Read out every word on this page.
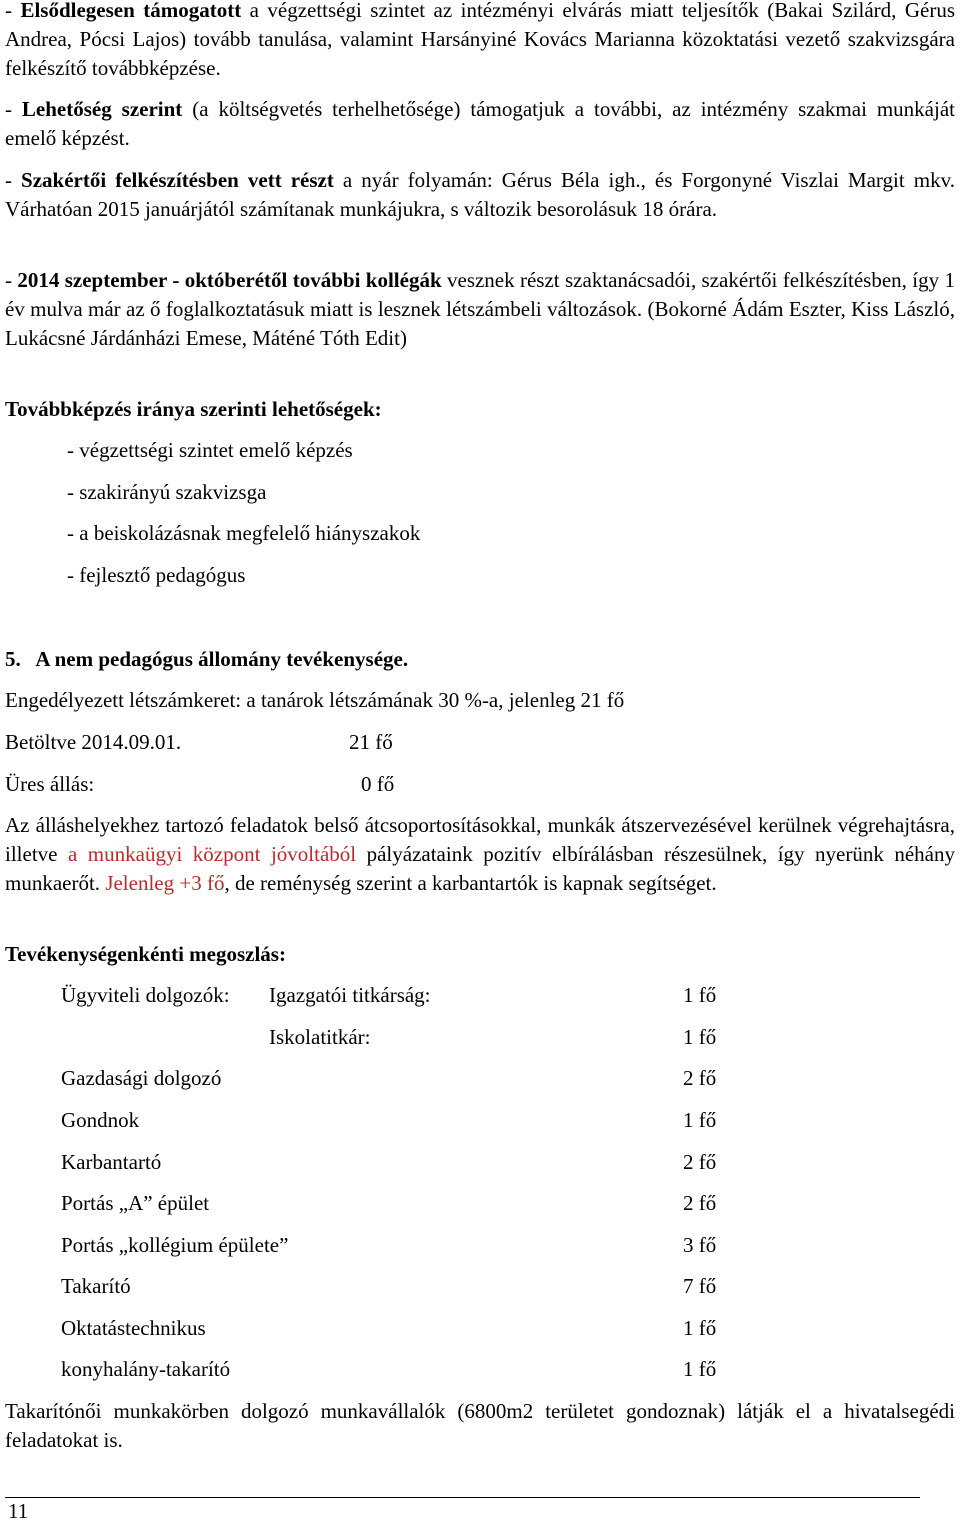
- Elsődlegesen támogatott a végzettségi szintet az intézményi elvárás miatt teljesítők (Bakai Szilárd, Gérus Andrea, Pócsi Lajos) tovább tanulása, valamint Harsányiné Kovács Marianna közoktatási vezető szakvizsgára felkészítő továbbképzése.

- Lehetőség szerint (a költségvetés terhelhetősége) támogatjuk a további, az intézmény szakmai munkáját emelő képzést.

- Szakértői felkészítésben vett részt a nyár folyamán: Gérus Béla igh., és Forgonyné Viszlai Margit mkv. Várhatóan 2015 januárjától számítanak munkájukra, s változik besorolásuk 18 órára.

- 2014 szeptember - októberétől további kollégák vesznek részt szaktanácsadói, szakértői felkészítésben, így 1 év mulva már az ő foglalkoztatásuk miatt is lesznek létszámbeli változások. (Bokorné Ádám Eszter, Kiss László, Lukácsné Járdánházi Emese, Máténé Tóth Edit)

Továbbképzés iránya szerinti lehetőségek:

- végzettségi szintet emelő képzés
- szakirányú szakvizsga
- a beiskolázásnak megfelelő hiányszakok
- fejlesztő pedagógus

5.   A nem pedagógus állomány tevékenysége.

Engedélyezett létszámkeret: a tanárok létszámának 30 %-a, jelenleg 21 fő
Betöltve 2014.09.01.	21 fő
Üres állás:	0 fő

Az álláshelyekhez tartozó feladatok belső átcsoportosításokkal, munkák átszervezésével kerülnek végrehajtásra, illetve a munkaügyi központ jóvoltából pályázataink pozitív elbírálásban részesülnek, így nyerünk néhány munkaerőt. Jelenleg +3 fő, de reménység szerint a karbantartók is kapnak segítséget.

Tevékenységenkénti megoszlás:

Ügyviteli dolgozók: Igazgatói titkárság:	1 fő
Iskolatitkár:	1 fő
Gazdasági dolgozó	2 fő
Gondnok	1 fő
Karbantartó	2 fő
Portás „A” épület	2 fő
Portás „kollégium épülete”	3 fő
Takarító	7 fő
Oktatástechnikus	1 fő
konyhalány-takarító	1 fő

Takarítónői munkakörben dolgozó munkavállalók (6800m2 területet gondoznak) látják el a hivatalsegédi feladatokat is.

11
